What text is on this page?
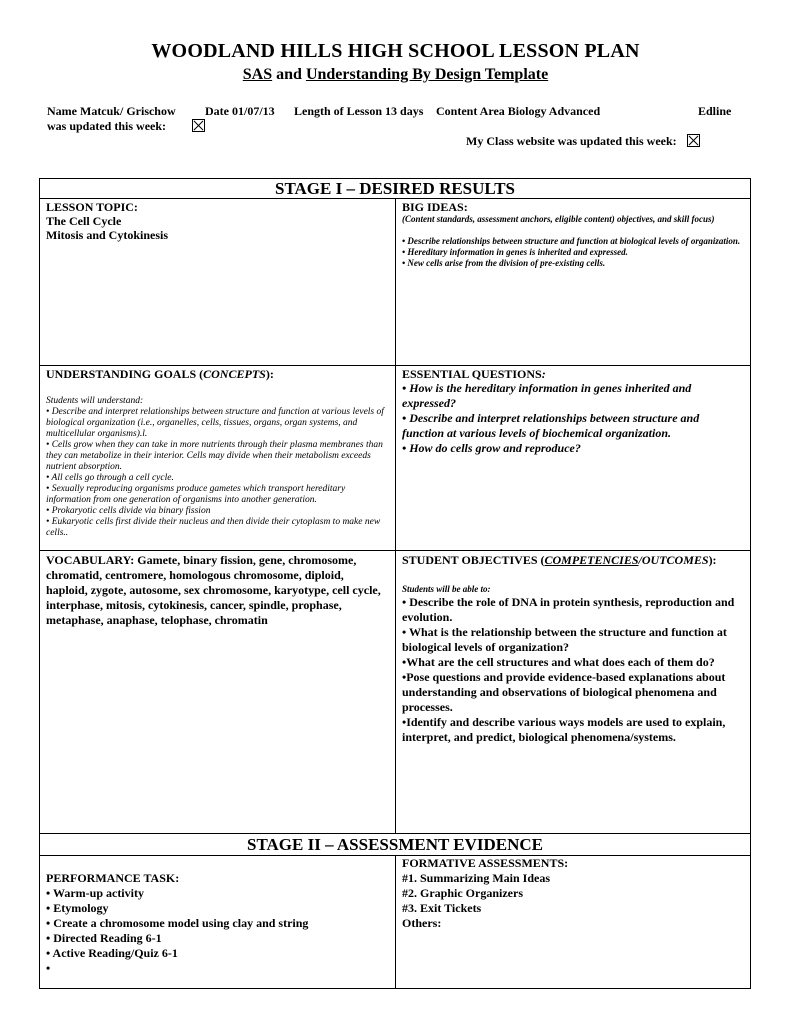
WOODLAND HILLS HIGH SCHOOL LESSON PLAN
SAS and Understanding By Design Template
Name Matcuk/ Grischow Date 01/07/13 Length of Lesson 13 days Content Area Biology Advanced	Edline
was updated this week:
My Class website was updated this week:
STAGE I – DESIRED RESULTS

LESSON TOPIC:

The Cell Cycle

Mitosis and Cytokinesis

BIG IDEAS:

(Content standards, assessment anchors, eligible content) objectives, and skill focus)

• Describe relationships between structure and function at biological levels of organization.

• Hereditary information in genes is inherited and expressed.

• New cells arise from the division of pre-existing cells.

UNDERSTANDING GOALS (CONCEPTS):

Students will understand:

• Describe and interpret relationships between structure and function at various levels of biological organization (i.e., organelles, cells, tissues, organs, organ systems, and multicellular organisms).l.

• Cells grow when they can take in more nutrients through their plasma membranes than they can metabolize in their interior. Cells may divide when their metabolism exceeds nutrient absorption.

• All cells go through a cell cycle.

• Sexually reproducing organisms produce gametes which transport hereditary information from one generation of organisms into another generation.

• Prokaryotic cells divide via binary fission

• Eukaryotic cells first divide their nucleus and then divide their cytoplasm to make new cells..

ESSENTIAL QUESTIONS:

• How is the hereditary information in genes inherited and expressed?

• Describe and interpret relationships between structure and function at various levels of biochemical organization.

• How do cells grow and reproduce?

VOCABULARY: Gamete, binary fission, gene, chromosome, chromatid, centromere, homologous chromosome, diploid, haploid, zygote, autosome, sex chromosome, karyotype, cell cycle, interphase, mitosis, cytokinesis, cancer, spindle, prophase, metaphase, anaphase, telophase, chromatin

STUDENT OBJECTIVES (COMPETENCIES/OUTCOMES):

Students will be able to:

• Describe the role of DNA in protein synthesis, reproduction and evolution.

• What is the relationship between the structure and function at biological levels of organization?

•What are the cell structures and what does each of them do?

•Pose questions and provide evidence-based explanations about understanding and observations of biological phenomena and processes.

•Identify and describe various ways models are used to explain, interpret, and predict, biological phenomena/systems.

STAGE II – ASSESSMENT EVIDENCE

PERFORMANCE TASK:

• Warm-up activity

• Etymology

• Create a chromosome model using clay and string

• Directed Reading 6-1

• Active Reading/Quiz 6-1

•

FORMATIVE ASSESSMENTS:

#1. Summarizing Main Ideas

#2. Graphic Organizers

#3. Exit Tickets

Others:
